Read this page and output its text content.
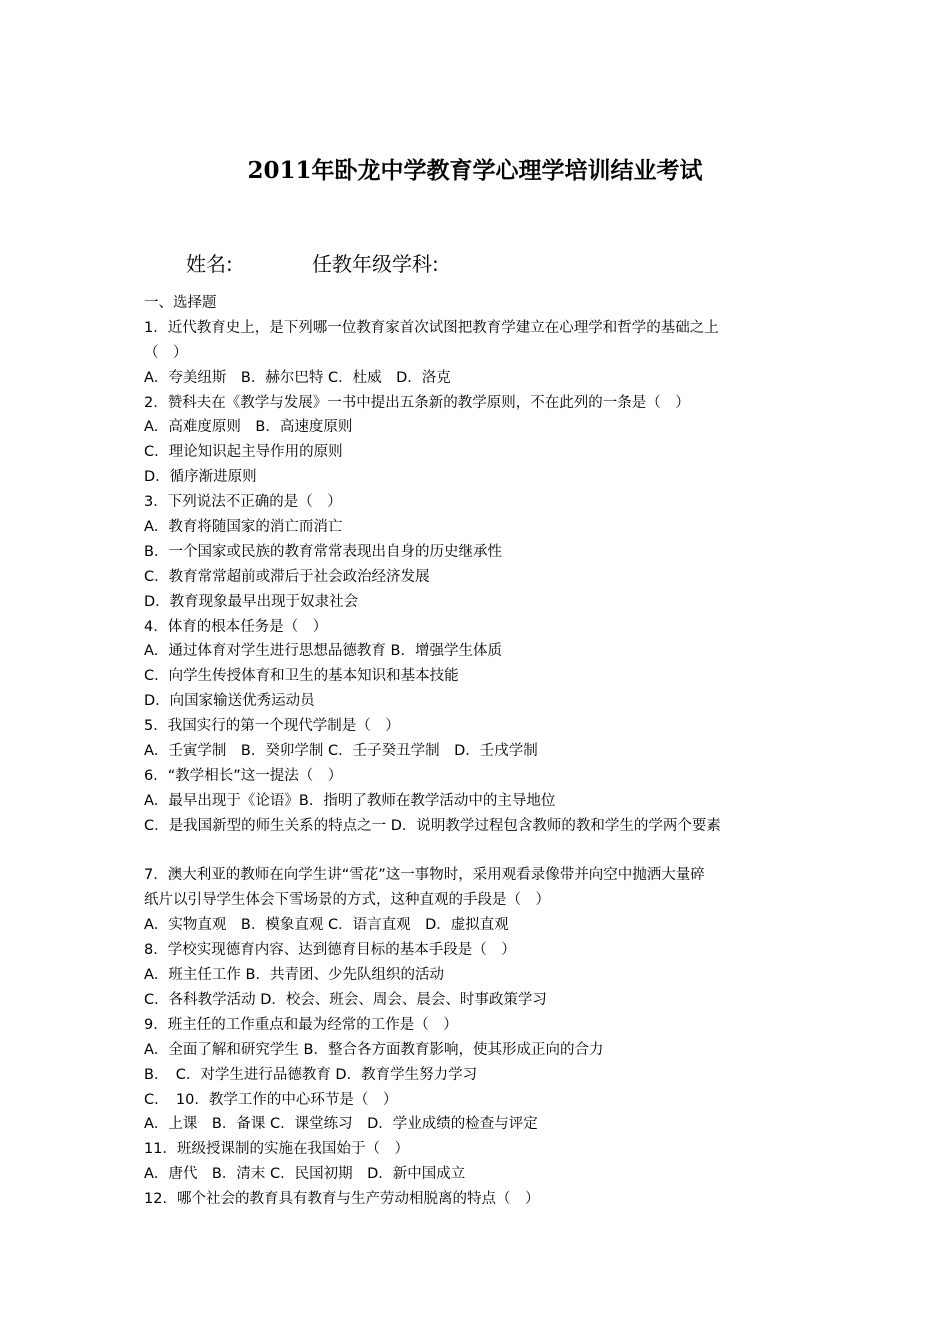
2011年卧龙中学教育学心理学培训结业考试
姓名:	任教年级学科:
一、选择题
1．近代教育史上，是下列哪一位教育家首次试图把教育学建立在心理学和哲学的基础之上
（　）
A．夸美纽斯　B．赫尔巴特 C．杜威　D．洛克
2．赞科夫在《教学与发展》一书中提出五条新的教学原则，不在此列的一条是（　）
A．高难度原则　B．高速度原则
C．理论知识起主导作用的原则
D．循序渐进原则
3．下列说法不正确的是（　）
A．教育将随国家的消亡而消亡
B．一个国家或民族的教育常常表现出自身的历史继承性
C．教育常常超前或滞后于社会政治经济发展
D．教育现象最早出现于奴隶社会
4．体育的根本任务是（　）
A．通过体育对学生进行思想品德教育 B．增强学生体质
C．向学生传授体育和卫生的基本知识和基本技能
D．向国家输送优秀运动员
5．我国实行的第一个现代学制是（　）
A．壬寅学制　B．癸卯学制 C．壬子癸丑学制　D．壬戌学制
6．“教学相长”这一提法（　）
A．最早出现于《论语》B．指明了教师在教学活动中的主导地位
C．是我国新型的师生关系的特点之一 D．说明教学过程包含教师的教和学生的学两个要素
7．澳大利亚的教师在向学生讲“雪花”这一事物时，采用观看录像带并向空中抛洒大量碎
纸片以引导学生体会下雪场景的方式，这种直观的手段是（　）
A．实物直观　B．模象直观 C．语言直观　D．虚拟直观
8．学校实现德育内容、达到德育目标的基本手段是（　）
A．班主任工作 B．共青团、少先队组织的活动
C．各科教学活动 D．校会、班会、周会、晨会、时事政策学习
9．班主任的工作重点和最为经常的工作是（　）
A．全面了解和研究学生 B．整合各方面教育影响，使其形成正向的合力
B．　C．对学生进行品德教育 D．教育学生努力学习
C．　10．教学工作的中心环节是（　）
A．上课　B．备课 C．课堂练习　D．学业成绩的检查与评定
11．班级授课制的实施在我国始于（　）
A．唐代　B．清末 C．民国初期　D．新中国成立
12．哪个社会的教育具有教育与生产劳动相脱离的特点（　）
